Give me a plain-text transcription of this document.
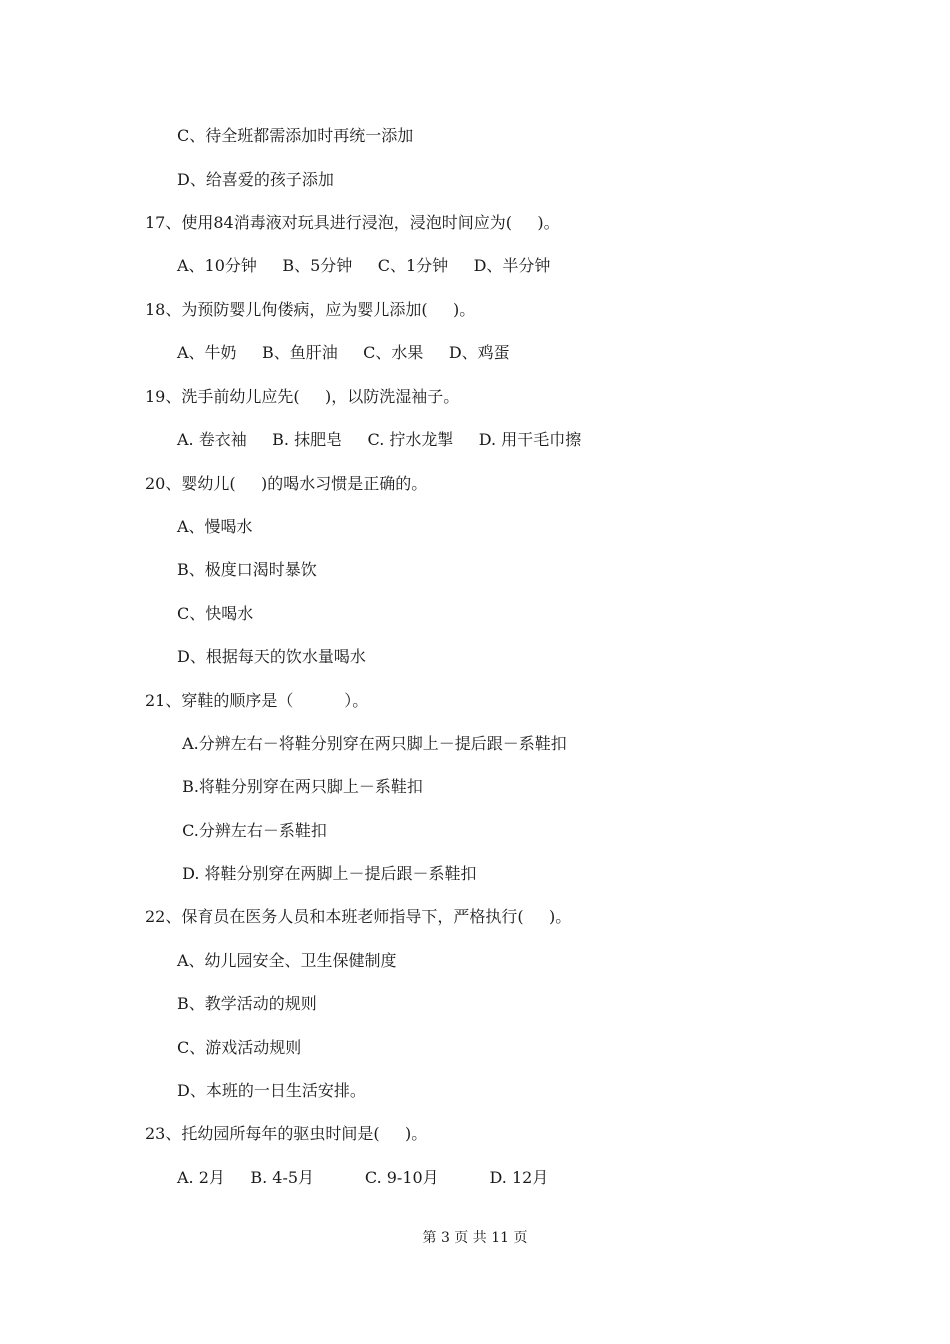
C、待全班都需添加时再统一添加
D、给喜爱的孩子添加
17、使用84消毒液对玩具进行浸泡，浸泡时间应为(     )。
A、10分钟     B、5分钟     C、1分钟     D、半分钟
18、为预防婴儿佝偻病，应为婴儿添加(     )。
A、牛奶     B、鱼肝油     C、水果     D、鸡蛋
19、洗手前幼儿应先(     )，以防洗湿袖子。
A. 卷衣袖     B. 抹肥皂     C. 拧水龙掣     D. 用干毛巾擦
20、婴幼儿(     )的喝水习惯是正确的。
A、慢喝水
B、极度口渴时暴饮
C、快喝水
D、根据每天的饮水量喝水
21、穿鞋的顺序是（          ）。
A.分辨左右－将鞋分别穿在两只脚上－提后跟－系鞋扣
B.将鞋分别穿在两只脚上－系鞋扣
C.分辨左右－系鞋扣
D. 将鞋分别穿在两脚上－提后跟－系鞋扣
22、保育员在医务人员和本班老师指导下，严格执行(     )。
A、幼儿园安全、卫生保健制度
B、教学活动的规则
C、游戏活动规则
D、本班的一日生活安排。
23、托幼园所每年的驱虫时间是(     )。
A. 2月     B. 4-5月          C. 9-10月          D. 12月
第 3 页 共 11 页
